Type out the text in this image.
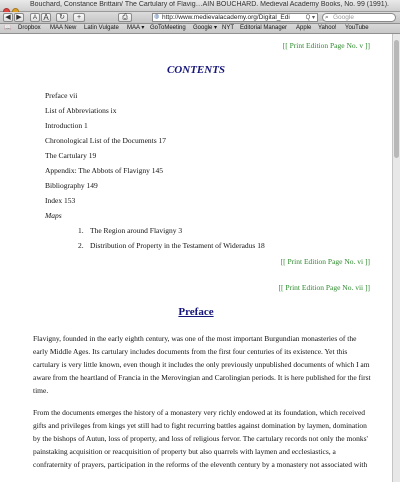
Bouchard, Constance Brittain/ The Cartulary of Flavig…AIN BOUCHARD. Medieval Academy Books, No. 99 (1991).
◀ ▶	A A	↻	+	⎙	◍ http://www.medievalacademy.org/Digital_Edi	Q ▾ ⌕ Google
📖 Dropbox MAA New Latin Vulgate MAA ▾ GoToMeeting Google ▾ NYT Editorial Manager Apple Yahoo! YouTube
[[ Print Edition Page No. v ]]
CONTENTS
Preface vii
List of Abbreviations ix
Introduction 1
Chronological List of the Documents 17
The Cartulary 19
Appendix: The Abbots of Flavigny 145
Bibliography 149
Index 153
Maps
1. The Region around Flavigny 3
2. Distribution of Property in the Testament of Wideradus 18
[[ Print Edition Page No. vi ]]
[[ Print Edition Page No. vii ]]
Preface
Flavigny, founded in the early eighth century, was one of the most important Burgundian monasteries of the early Middle Ages. Its cartulary includes documents from the first four centuries of its existence. Yet this cartulary is very little known, even though it includes the only previously unpublished documents of which I am aware from the heartland of Francia in the Merovingian and Carolingian periods. It is here published for the first time.
From the documents emerges the history of a monastery very richly endowed at its foundation, which received gifts and privileges from kings yet still had to fight recurring battles against domination by laymen, domination by the bishops of Autun, loss of property, and loss of religious fervor. The cartulary records not only the monks' painstaking acquisition or reacquisition of property but also quarrels with laymen and ecclesiastics, a confraternity of prayers, participation in the reforms of the eleventh century by a monastery not associated with
